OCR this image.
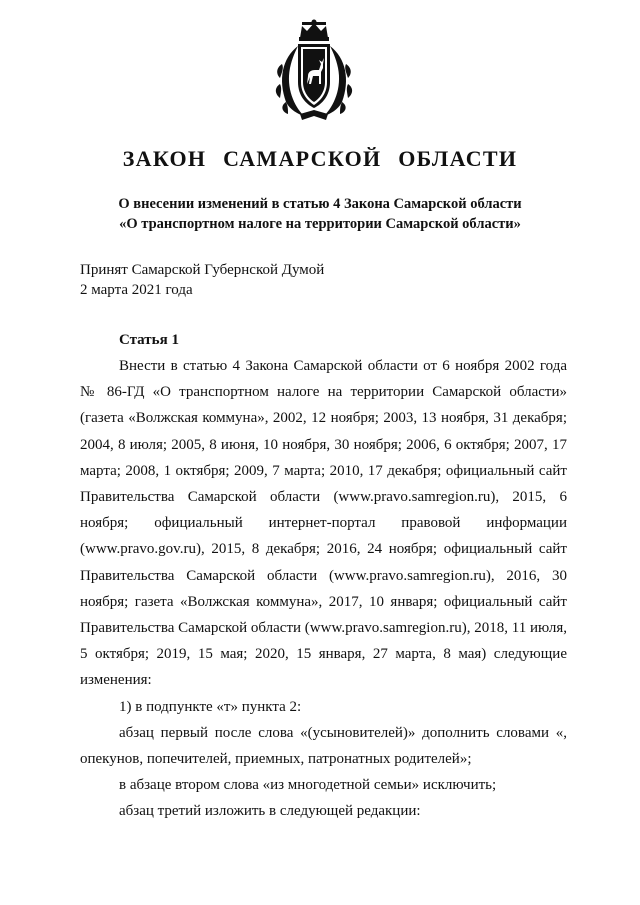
ЗАКОН САМАРСКОЙ ОБЛАСТИ
О внесении изменений в статью 4 Закона Самарской области
«О транспортном налоге на территории Самарской области»
Принят Самарской Губернской Думой
2 марта 2021 года
Статья 1

Внести в статью 4 Закона Самарской области от 6 ноября 2002 года № 86-ГД «О транспортном налоге на территории Самарской области» (газета «Волжская коммуна», 2002, 12 ноября; 2003, 13 ноября, 31 декабря; 2004, 8 июля; 2005, 8 июня, 10 ноября, 30 ноября; 2006, 6 октября; 2007, 17 марта; 2008, 1 октября; 2009, 7 марта; 2010, 17 декабря; официальный сайт Правительства Самарской области (www.pravo.samregion.ru), 2015, 6 ноября; официальный интернет-портал правовой информации (www.pravo.gov.ru), 2015, 8 декабря; 2016, 24 ноября; официальный сайт Правительства Самарской области (www.pravo.samregion.ru), 2016, 30 ноября; газета «Волжская коммуна», 2017, 10 января; официальный сайт Правительства Самарской области (www.pravo.samregion.ru), 2018, 11 июля, 5 октября; 2019, 15 мая; 2020, 15 января, 27 марта, 8 мая) следующие изменения:

1) в подпункте «т» пункта 2:

абзац первый после слова «(усыновителей)» дополнить словами «, опекунов, попечителей, приемных, патронатных родителей»;

в абзаце втором слова «из многодетной семьи» исключить;

абзац третий изложить в следующей редакции:
